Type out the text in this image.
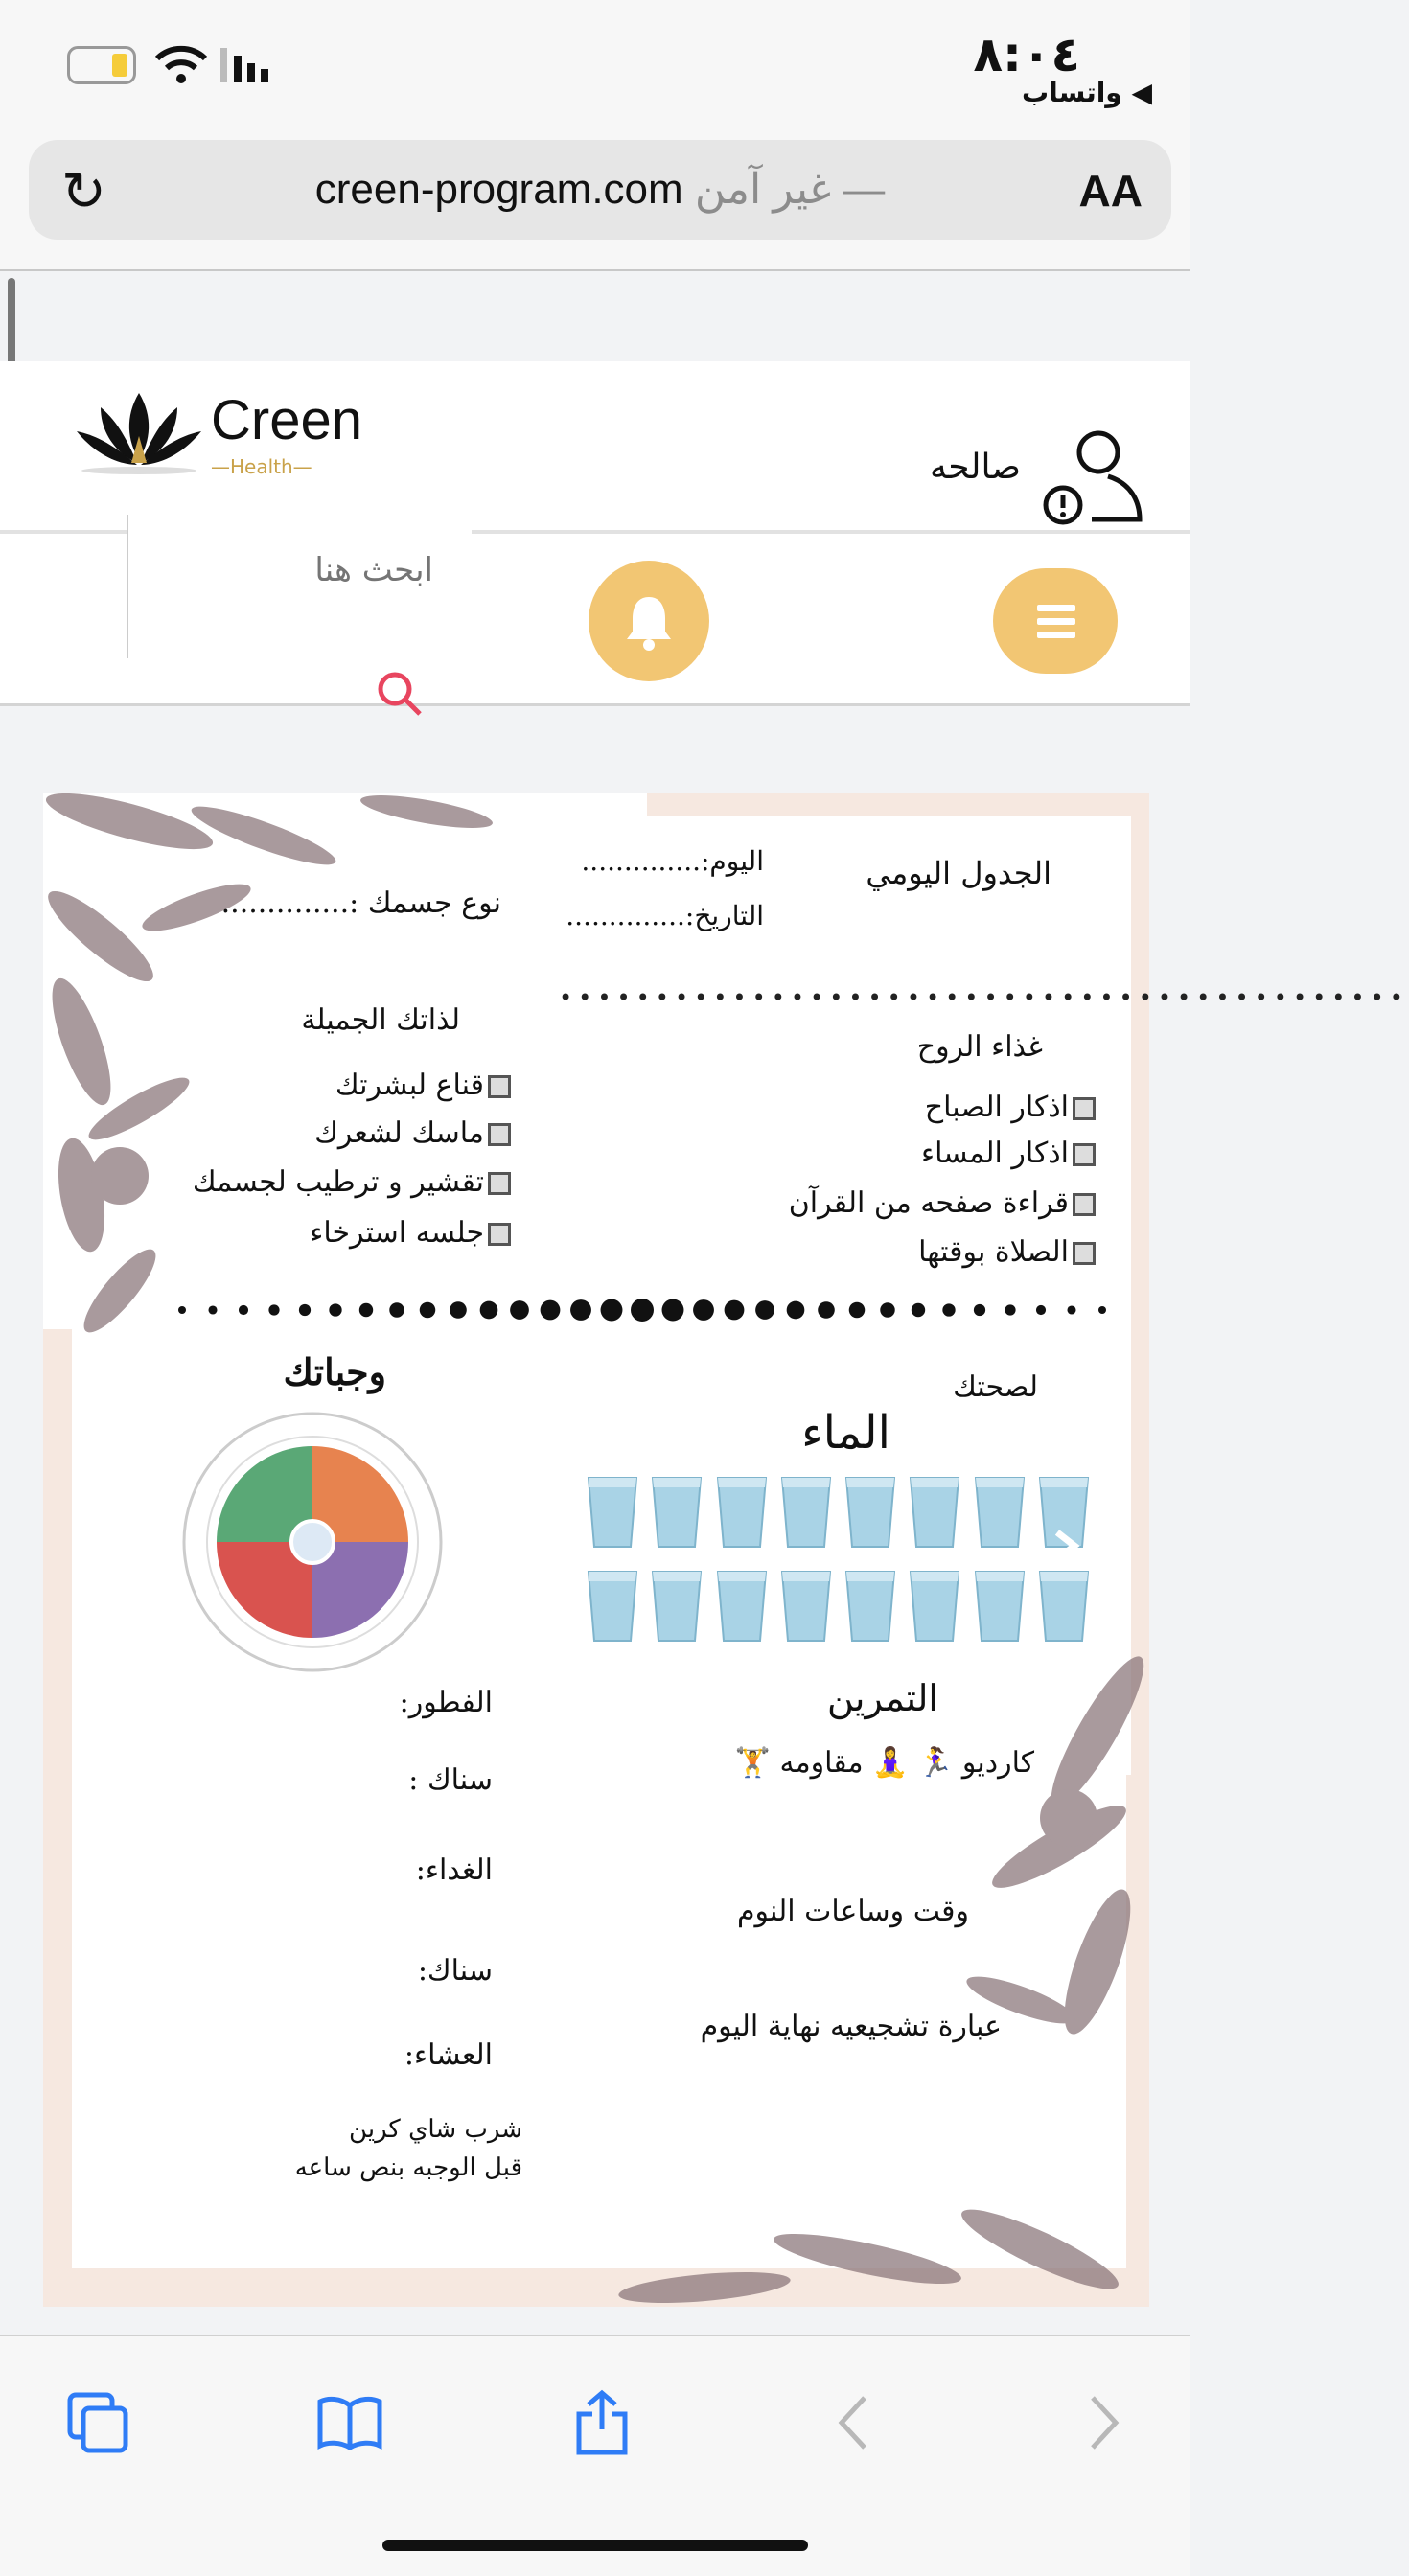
٨:٠٤
◀ واتساب
↻	creen-program.com غير آمن —	AA
Creen
—Health—	صالحه
ابحث هنا
الجدول اليومي
اليوم:..............
التاريخ:..............
نوع جسمك :..............
••••••••••••••••••••••••••••••••••••••••••••
لذاتك الجميلة
قناع لبشرتك
ماسك لشعرك
تقشير و ترطيب لجسمك
جلسه استرخاء
غذاء الروح
اذكار الصباح
اذكار المساء
قراءة صفحه من القرآن
الصلاة بوقتها
لصحتك
الماء
وجباتك
الفطور:
سناك :
الغداء:
سناك:
العشاء:
شرب شاي كرين
قبل الوجبه بنص ساعه
التمرين
كارديو 🏃‍♀️ 🧘‍♀️ مقاومه 🏋️
وقت وساعات النوم
عبارة تشجيعيه نهاية اليوم
